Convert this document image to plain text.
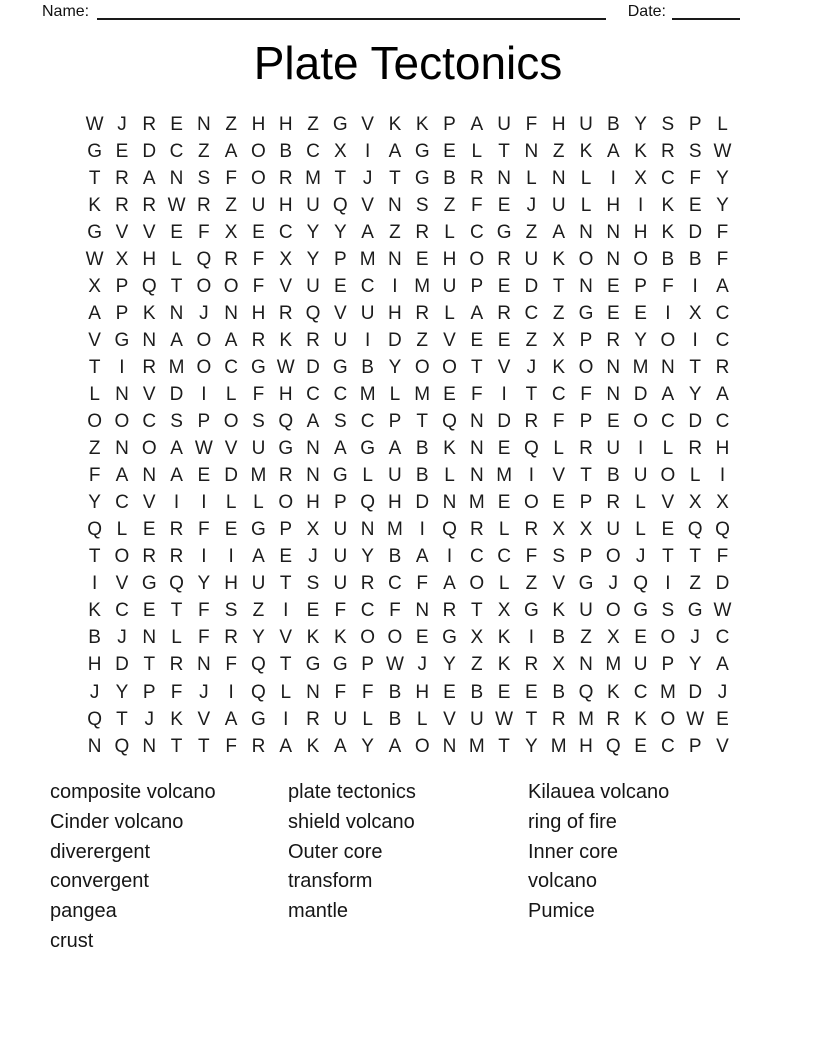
Name:	Date:
Plate Tectonics
W J R E N Z H H Z G V K K P A U F H U B Y S P L
G E D C Z A O B C X I A G E L T N Z K A K R S W
T R A N S F O R M T J T G B R N L N L	I X C F Y
K R R W R Z U H U Q V N S Z F E J U L H I K E Y
G V V E F X E C Y Y A Z R L C G Z A N N H K D F
W X H L Q R F X Y P M N E H O R U K O N O B B F
X P Q T O O F V U E C I M U P E D T N E P F I A
A P K N J N H R Q V U H R L A R C Z G E E I X C
V G N A O A R K R U I D Z V E E Z X P R Y O I C
T I R M O C G W D G B Y O O T V J K O N M N T R
L N V D I	L F H C C M L M E F I T C F N D A Y A
O O C S P O S Q A S C P T Q N D R F P E O C D C
Z N O A W V U G N A G A B K N E Q L R U I	L R H
F A N A E D M R N G L U B L N M I V T B U O L	I
Y C V I	I	L L O H P Q H D N M E O E P R L V X X
Q L E R F E G P X U N M I Q R L R X X U L E Q Q
T O R R I	I A E J U Y B A I C C F S P O J T T F
I V G Q Y H U T S U R C F A O L Z V G J Q I Z D
K C E T F S Z I E F C F N R T X G K U O G S G W
B J N L F R Y V K K O O E G X K I B Z X E O J C
H D T R N F Q T G G P W J Y Z K R X N M U P Y A
J Y P F J	I Q L N F F B H E B E E B Q K C M D J
Q T J K V A G I R U L B L V U W T R M R K O W E
N Q N T T F R A K A Y A O N M T Y M H Q E C P V
composite volcano
Cinder volcano
diverergent
convergent
pangea
crust
plate tectonics
shield volcano
Outer core
transform
mantle
Kilauea volcano
ring of fire
Inner core
volcano
Pumice
